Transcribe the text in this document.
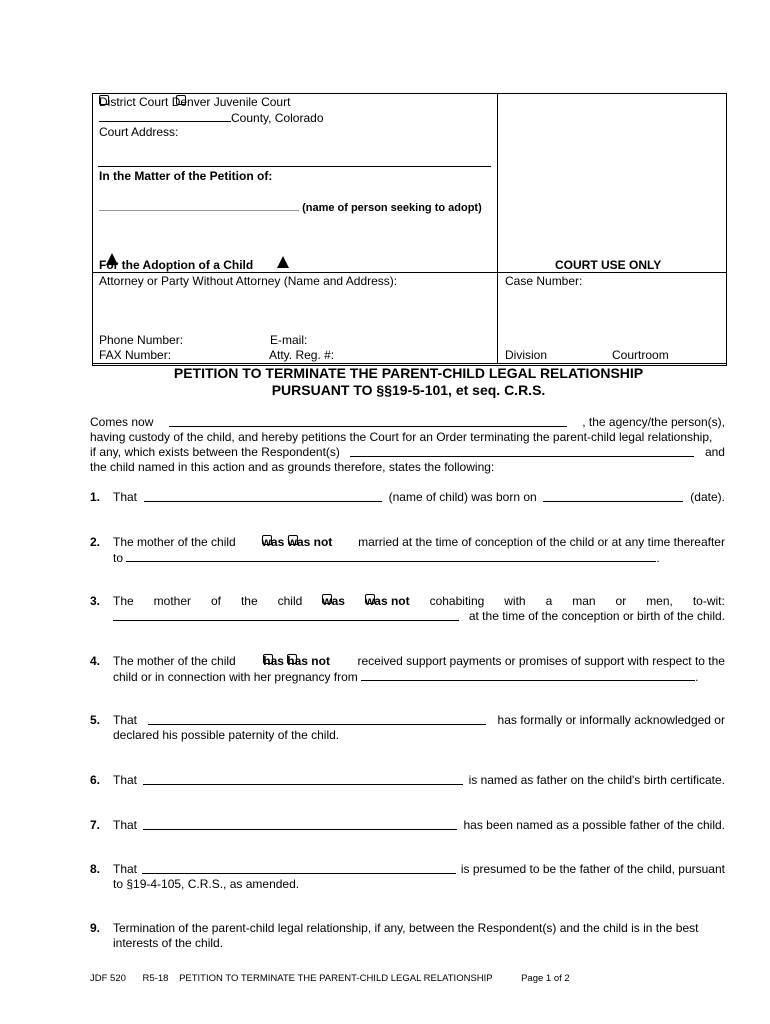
District Court Denver Juvenile Court
County, Colorado
Court Address:
In the Matter of the Petition of:
(name of person seeking to adopt)
For the Adoption of a Child	COURT USE ONLY
Attorney or Party Without Attorney (Name and Address):	Case Number:
Phone Number:	E-mail:
FAX Number:	Atty. Reg. #:	Division	Courtroom
PETITION TO TERMINATE THE PARENT-CHILD LEGAL RELATIONSHIP
PURSUANT TO §§19-5-101, et seq. C.R.S.
Comes now	, the agency/the person(s),
having custody of the child, and hereby petitions the Court for an Order terminating the parent-child legal relationship,
if any, which exists between the Respondent(s)	and
the child named in this action and as grounds therefore, states the following:
1. That	(name of child) was born on	(date).
2. The mother of the child was was not married at the time of conception of the child or at any time thereafter
to	.
3. The mother of the child was was not cohabiting with a man or men, to-wit:
at the time of the conception or birth of the child.
4. The mother of the child has has not received support payments or promises of support with respect to the
child or in connection with her pregnancy from	.
5. That	has formally or informally acknowledged or
declared his possible paternity of the child.
6. That	is named as father on the child's birth certificate.
7. That	has been named as a possible father of the child.
8. That	is presumed to be the father of the child, pursuant
to §19-4-105, C.R.S., as amended.
9. Termination of the parent-child legal relationship, if any, between the Respondent(s) and the child is in the best
interests of the child.
JDF 520 R5-18 PETITION TO TERMINATE THE PARENT-CHILD LEGAL RELATIONSHIP	Page 1 of 2
